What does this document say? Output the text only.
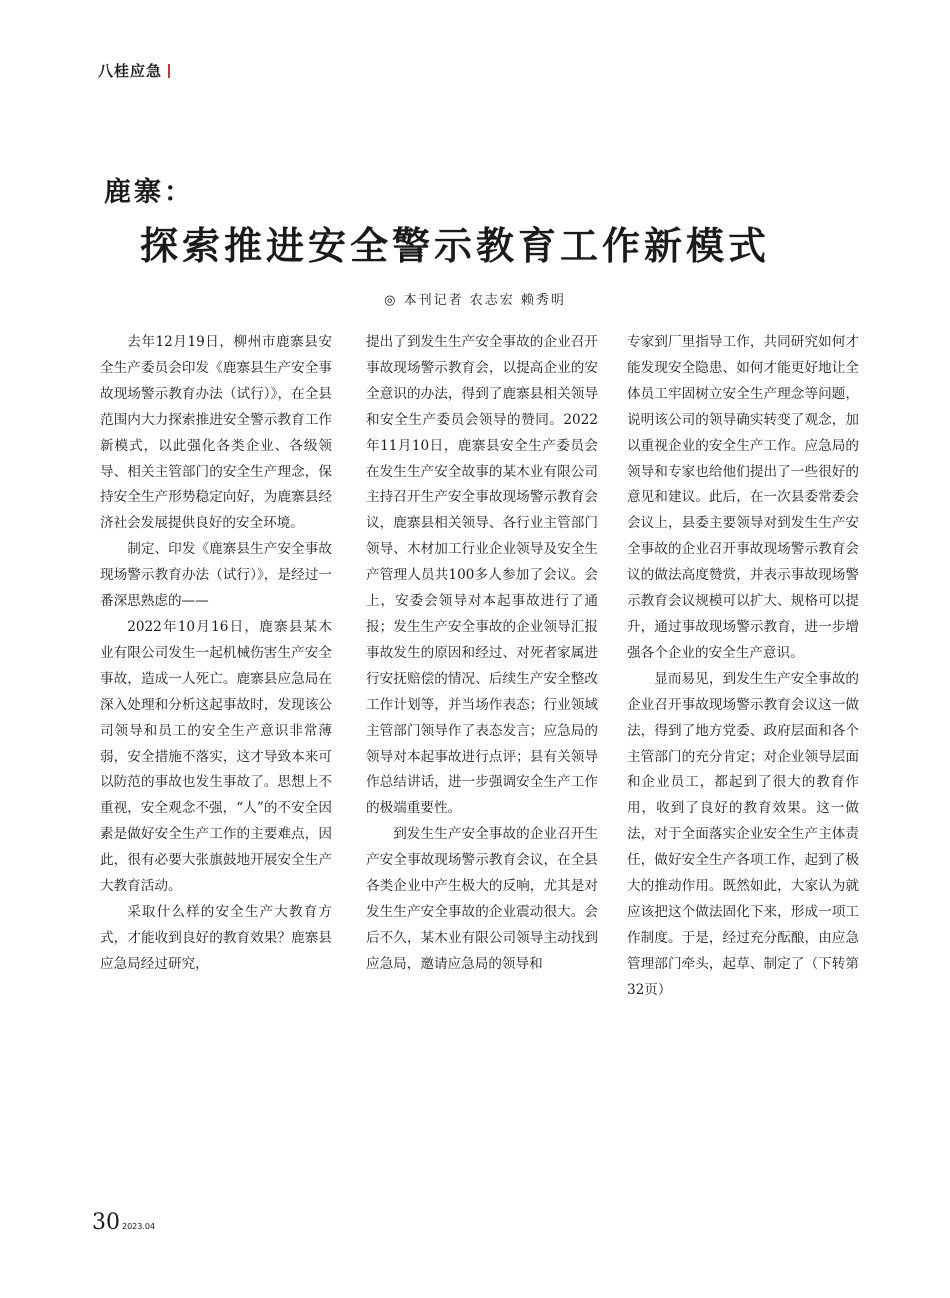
八桂应急
鹿寨：
探索推进安全警示教育工作新模式
◎ 本刊记者 农志宏 赖秀明

去年12月19日，柳州市鹿寨县安全生产委员会印发《鹿寨县生产安全事故现场警示教育办法（试行）》，在全县范围内大力探索推进安全警示教育工作新模式，以此强化各类企业、各级领导、相关主管部门的安全生产理念，保持安全生产形势稳定向好，为鹿寨县经济社会发展提供良好的安全环境。

制定、印发《鹿寨县生产安全事故现场警示教育办法（试行）》，是经过一番深思熟虑的——

2022年10月16日，鹿寨县某木业有限公司发生一起机械伤害生产安全事故，造成一人死亡。鹿寨县应急局在深入处理和分析这起事故时，发现该公司领导和员工的安全生产意识非常薄弱，安全措施不落实，这才导致本来可以防范的事故也发生事故了。思想上不重视，安全观念不强，“人”的不安全因素是做好安全生产工作的主要难点，因此，很有必要大张旗鼓地开展安全生产大教育活动。

采取什么样的安全生产大教育方式，才能收到良好的教育效果？鹿寨县应急局经过研究，

提出了到发生生产安全事故的企业召开事故现场警示教育会，以提高企业的安全意识的办法，得到了鹿寨县相关领导和安全生产委员会领导的赞同。2022年11月10日，鹿寨县安全生产委员会在发生生产安全故事的某木业有限公司主持召开生产安全事故现场警示教育会议，鹿寨县相关领导、各行业主管部门领导、木材加工行业企业领导及安全生产管理人员共100多人参加了会议。会上，安委会领导对本起事故进行了通报；发生生产安全事故的企业领导汇报事故发生的原因和经过、对死者家属进行安抚赔偿的情况、后续生产安全整改工作计划等，并当场作表态；行业领域主管部门领导作了表态发言；应急局的领导对本起事故进行点评；县有关领导作总结讲话，进一步强调安全生产工作的极端重要性。

到发生生产安全事故的企业召开生产安全事故现场警示教育会议，在全县各类企业中产生极大的反响，尤其是对发生生产安全事故的企业震动很大。会后不久，某木业有限公司领导主动找到应急局，邀请应急局的领导和

专家到厂里指导工作，共同研究如何才能发现安全隐患、如何才能更好地让全体员工牢固树立安全生产理念等问题，说明该公司的领导确实转变了观念，加以重视企业的安全生产工作。应急局的领导和专家也给他们提出了一些很好的意见和建议。此后，在一次县委常委会会议上，县委主要领导对到发生生产安全事故的企业召开事故现场警示教育会议的做法高度赞赏，并表示事故现场警示教育会议规模可以扩大、规格可以提升，通过事故现场警示教育，进一步增强各个企业的安全生产意识。

显而易见，到发生生产安全事故的企业召开事故现场警示教育会议这一做法，得到了地方党委、政府层面和各个主管部门的充分肯定；对企业领导层面和企业员工，都起到了很大的教育作用，收到了良好的教育效果。这一做法，对于全面落实企业安全生产主体责任，做好安全生产各项工作，起到了极大的推动作用。既然如此，大家认为就应该把这个做法固化下来，形成一项工作制度。于是，经过充分酝酿，由应急管理部门牵头，起草、制定了（下转第32页）

30 2023.04
